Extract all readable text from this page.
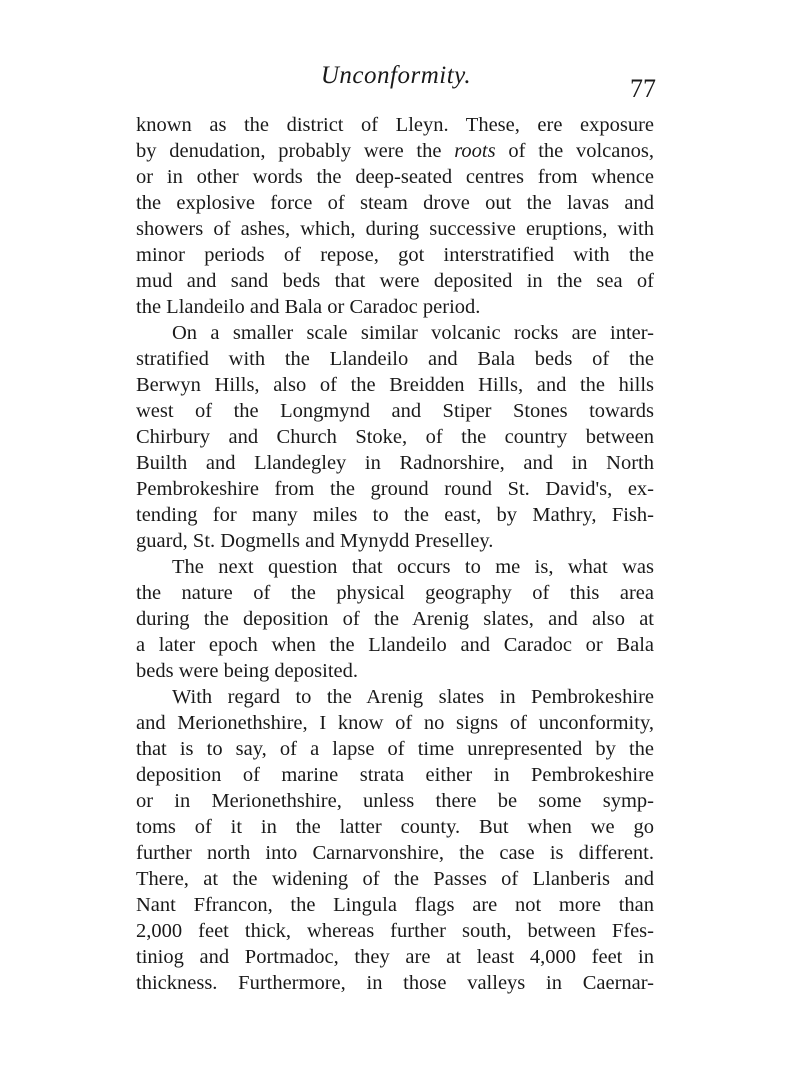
Unconformity.	77
known as the district of Lleyn. These, ere exposure
by denudation, probably were the roots of the volcanos,
or in other words the deep-seated centres from whence
the explosive force of steam drove out the lavas and
showers of ashes, which, during successive eruptions, with
minor periods of repose, got interstratified with the
mud and sand beds that were deposited in the sea of
the Llandeilo and Bala or Caradoc period.
On a smaller scale similar volcanic rocks are inter-
stratified with the Llandeilo and Bala beds of the
Berwyn Hills, also of the Breidden Hills, and the hills
west of the Longmynd and Stiper Stones towards
Chirbury and Church Stoke, of the country between
Builth and Llandegley in Radnorshire, and in North
Pembrokeshire from the ground round St. David's, ex-
tending for many miles to the east, by Mathry, Fish-
guard, St. Dogmells and Mynydd Preselley.
The next question that occurs to me is, what was
the nature of the physical geography of this area
during the deposition of the Arenig slates, and also at
a later epoch when the Llandeilo and Caradoc or Bala
beds were being deposited.
With regard to the Arenig slates in Pembrokeshire
and Merionethshire, I know of no signs of unconformity,
that is to say, of a lapse of time unrepresented by the
deposition of marine strata either in Pembrokeshire
or in Merionethshire, unless there be some symp-
toms of it in the latter county. But when we go
further north into Carnarvonshire, the case is different.
There, at the widening of the Passes of Llanberis and
Nant Ffrancon, the Lingula flags are not more than
2,000 feet thick, whereas further south, between Ffes-
tiniog and Portmadoc, they are at least 4,000 feet in
thickness. Furthermore, in those valleys in Caernar-
